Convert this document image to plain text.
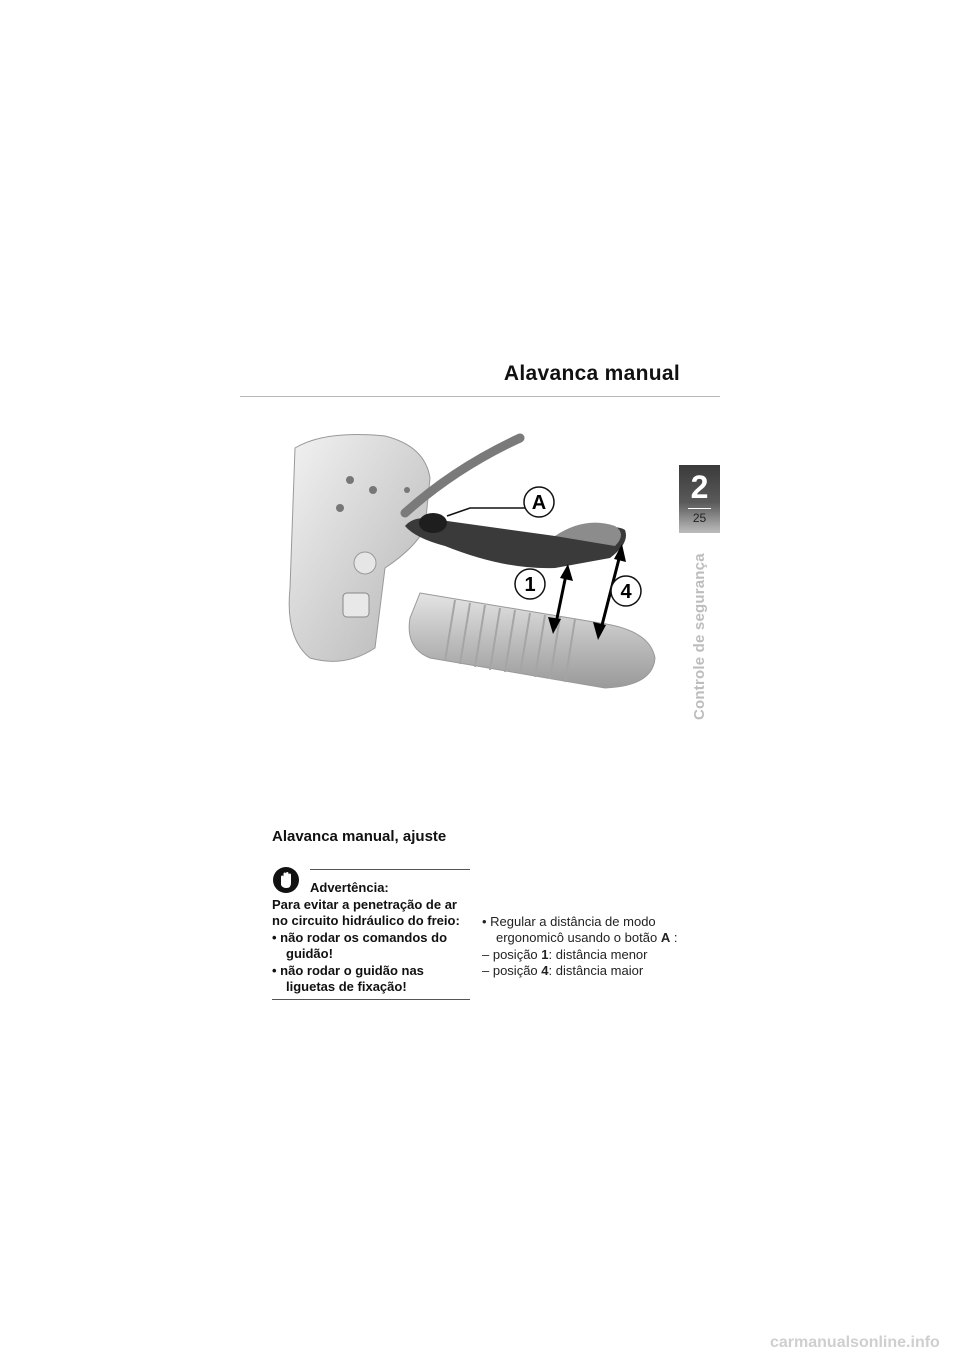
Alavanca manual
2
25
Controle de segurança
A
1	4
Alavanca manual, ajuste
Advertência:

Para evitar a penetração de ar no circuito hidráulico do freio:

• não rodar os comandos do guidão!

• não rodar o guidão nas liguetas de fixação!

• Regular a distância de modo ergonomicô usando o botão A :

– posição 1: distância menor

– posição 4: distância maior

carmanualsonline.info
